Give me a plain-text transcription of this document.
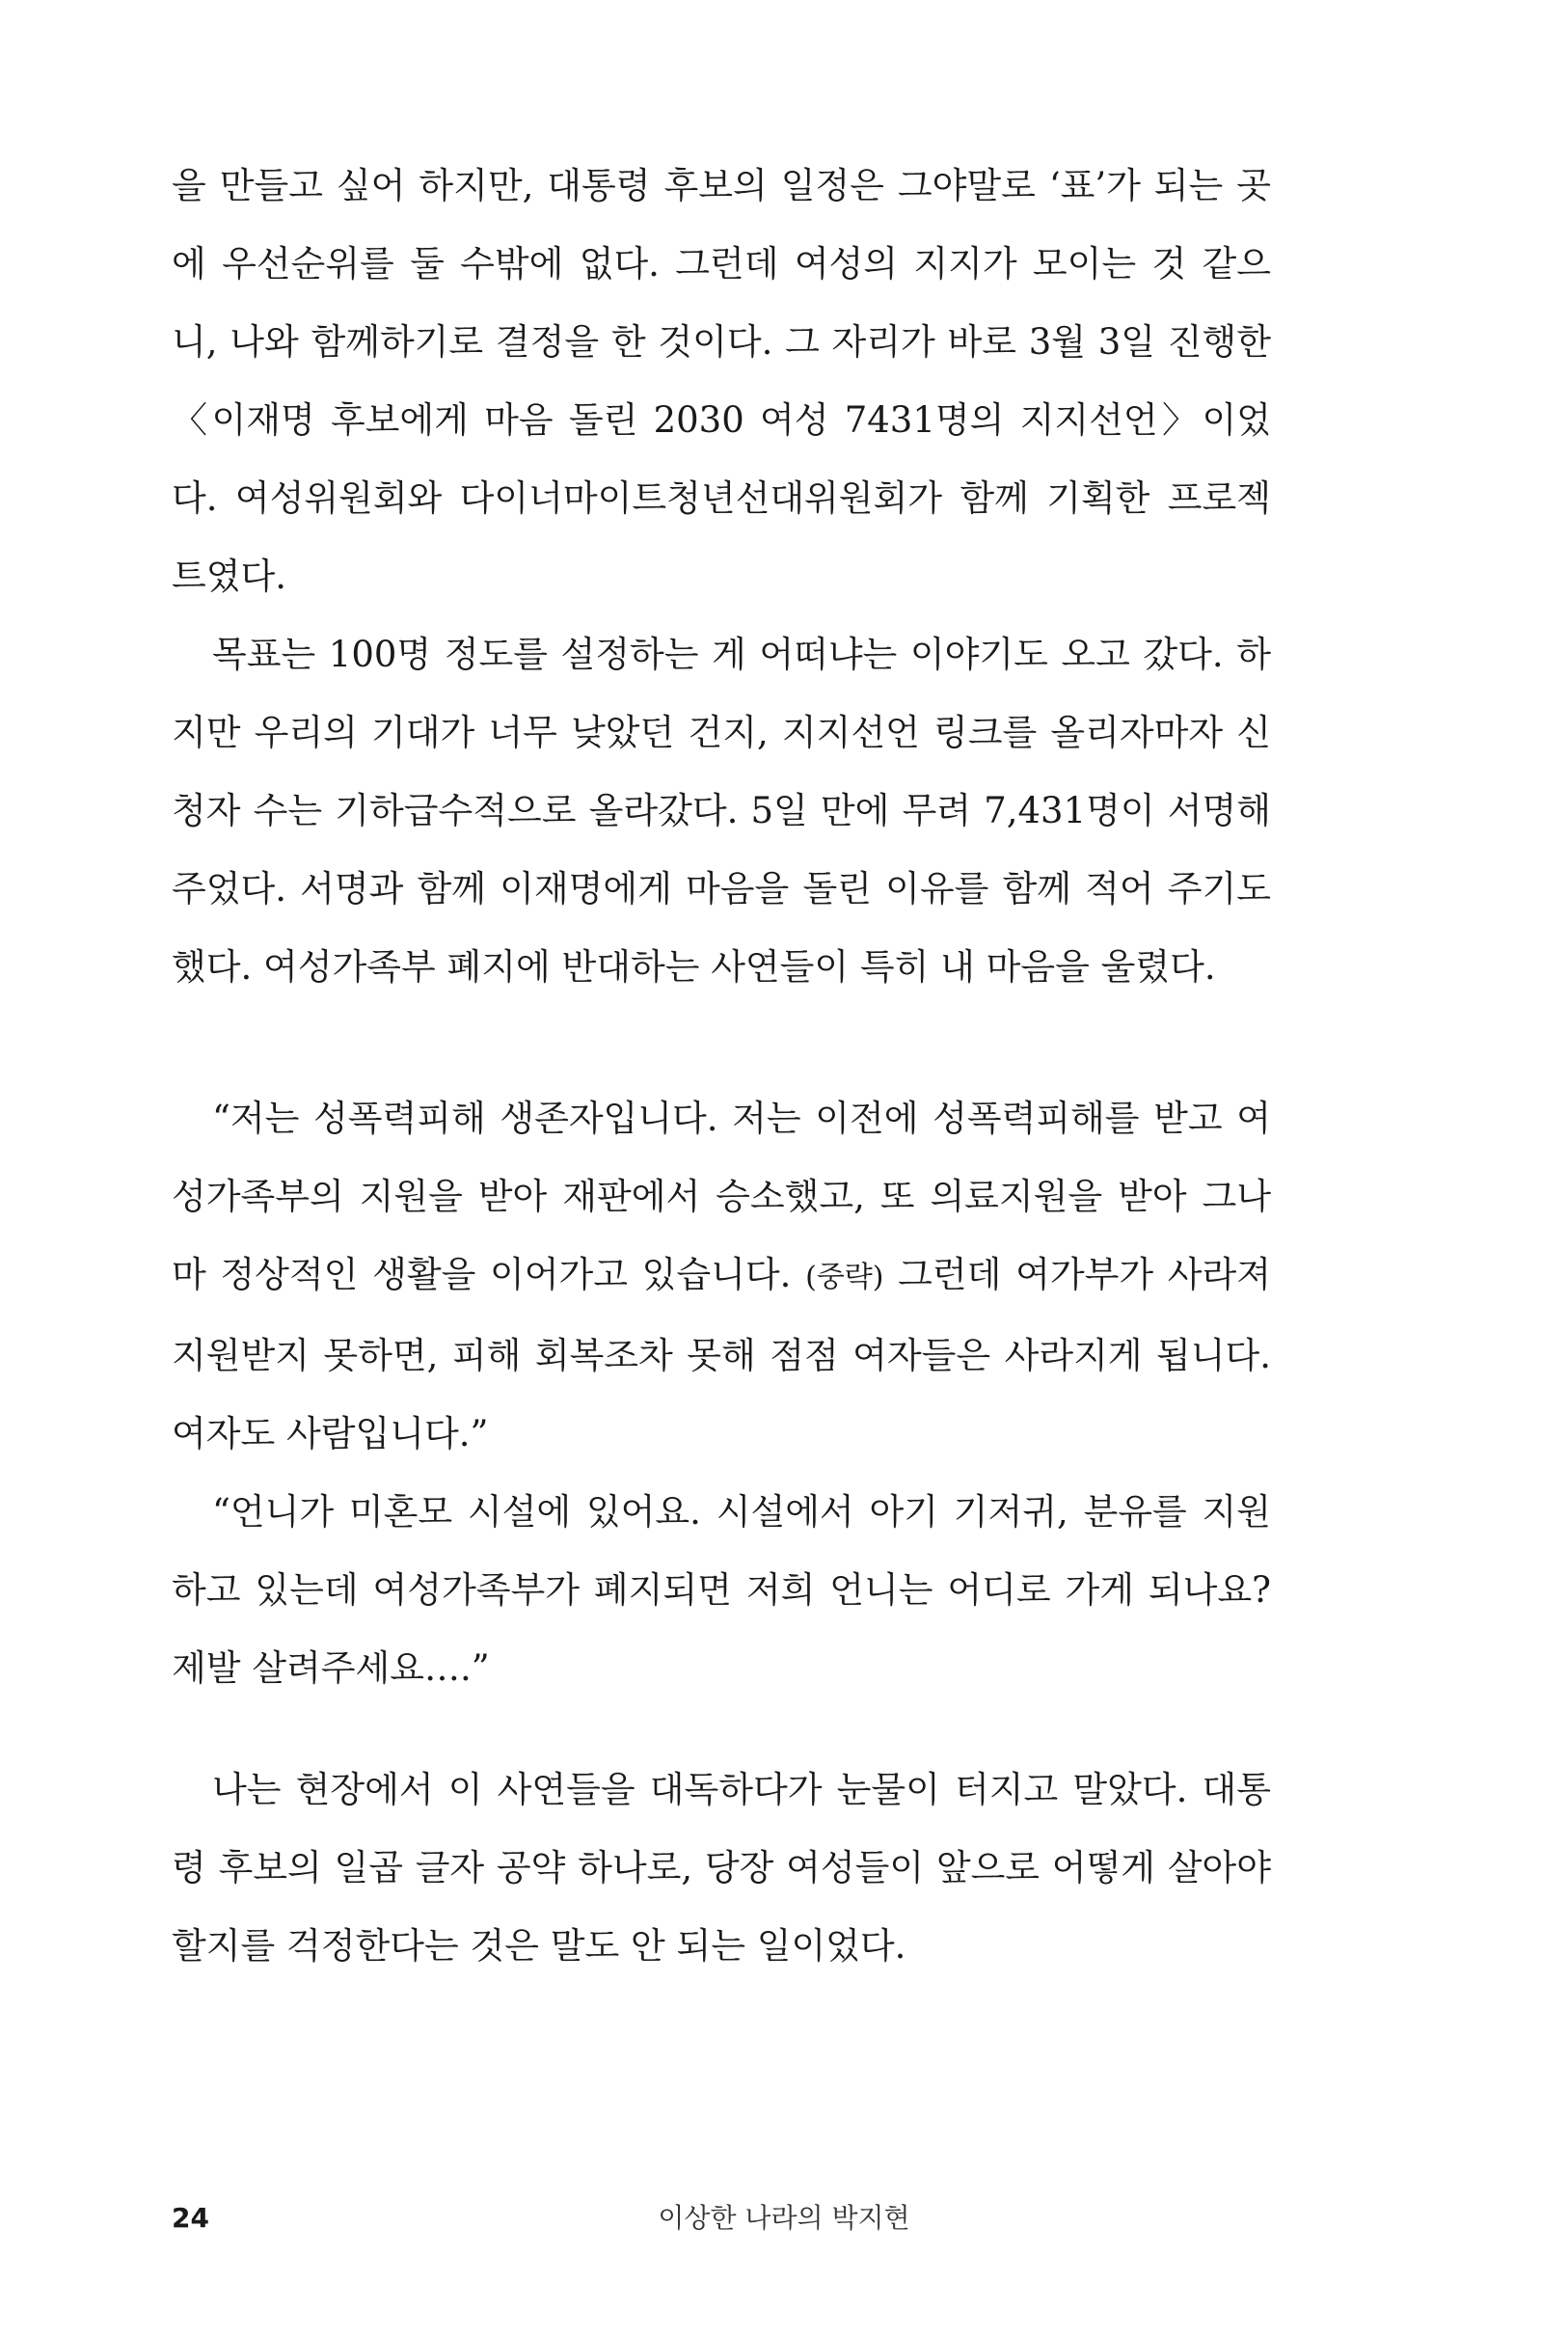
을 만들고 싶어 하지만, 대통령 후보의 일정은 그야말로 ‘표’가 되는 곳에 우선순위를 둘 수밖에 없다. 그런데 여성의 지지가 모이는 것 같으니, 나와 함께하기로 결정을 한 것이다. 그 자리가 바로 3월 3일 진행한 〈이재명 후보에게 마음 돌린 2030 여성 7431명의 지지선언〉이었다. 여성위원회와 다이너마이트청년선대위원회가 함께 기획한 프로젝트였다.

목표는 100명 정도를 설정하는 게 어떠냐는 이야기도 오고 갔다. 하지만 우리의 기대가 너무 낮았던 건지, 지지선언 링크를 올리자마자 신청자 수는 기하급수적으로 올라갔다. 5일 만에 무려 7,431명이 서명해 주었다. 서명과 함께 이재명에게 마음을 돌린 이유를 함께 적어 주기도 했다. 여성가족부 폐지에 반대하는 사연들이 특히 내 마음을 울렸다.

“저는 성폭력피해 생존자입니다. 저는 이전에 성폭력피해를 받고 여성가족부의 지원을 받아 재판에서 승소했고, 또 의료지원을 받아 그나마 정상적인 생활을 이어가고 있습니다. (중략) 그런데 여가부가 사라져 지원받지 못하면, 피해 회복조차 못해 점점 여자들은 사라지게 됩니다. 여자도 사람입니다.”

“언니가 미혼모 시설에 있어요. 시설에서 아기 기저귀, 분유를 지원하고 있는데 여성가족부가 폐지되면 저희 언니는 어디로 가게 되나요? 제발 살려주세요….”

나는 현장에서 이 사연들을 대독하다가 눈물이 터지고 말았다. 대통령 후보의 일곱 글자 공약 하나로, 당장 여성들이 앞으로 어떻게 살아야 할지를 걱정한다는 것은 말도 안 되는 일이었다.

이상한 나라의 박지현
24
